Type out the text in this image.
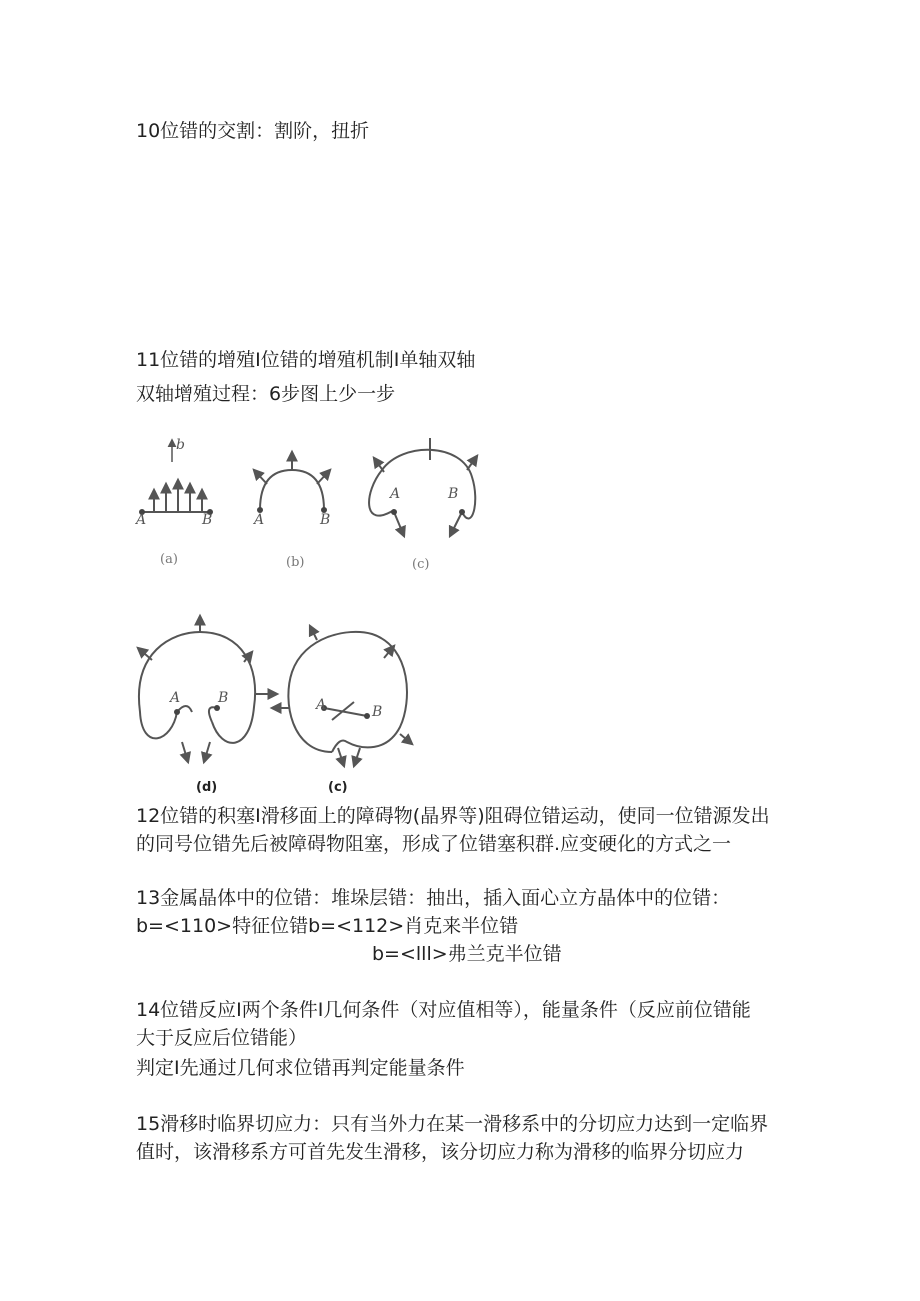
10位错的交割：割阶，扭折

11位错的增殖I位错的增殖机制I单轴双轴

双轴增殖过程：6步图上少一步

b
A	B	A	B
A	B
(a)	(b)	(c)
A	B	A	B
(d)	(c)

12位错的积塞I滑移面上的障碍物(晶界等)阻碍位错运动，使同一位错源发出

的同号位错先后被障碍物阻塞，形成了位错塞积群.应变硬化的方式之一

13金属晶体中的位错：堆垛层错：抽出，插入面心立方晶体中的位错：

b=<110>特征位错b=<112>肖克来半位错

b=<lll>弗兰克半位错

14位错反应I两个条件I几何条件（对应值相等），能量条件（反应前位错能

大于反应后位错能）

判定I先通过几何求位错再判定能量条件

15滑移时临界切应力：只有当外力在某一滑移系中的分切应力达到一定临界

值时，该滑移系方可首先发生滑移，该分切应力称为滑移的临界分切应力
